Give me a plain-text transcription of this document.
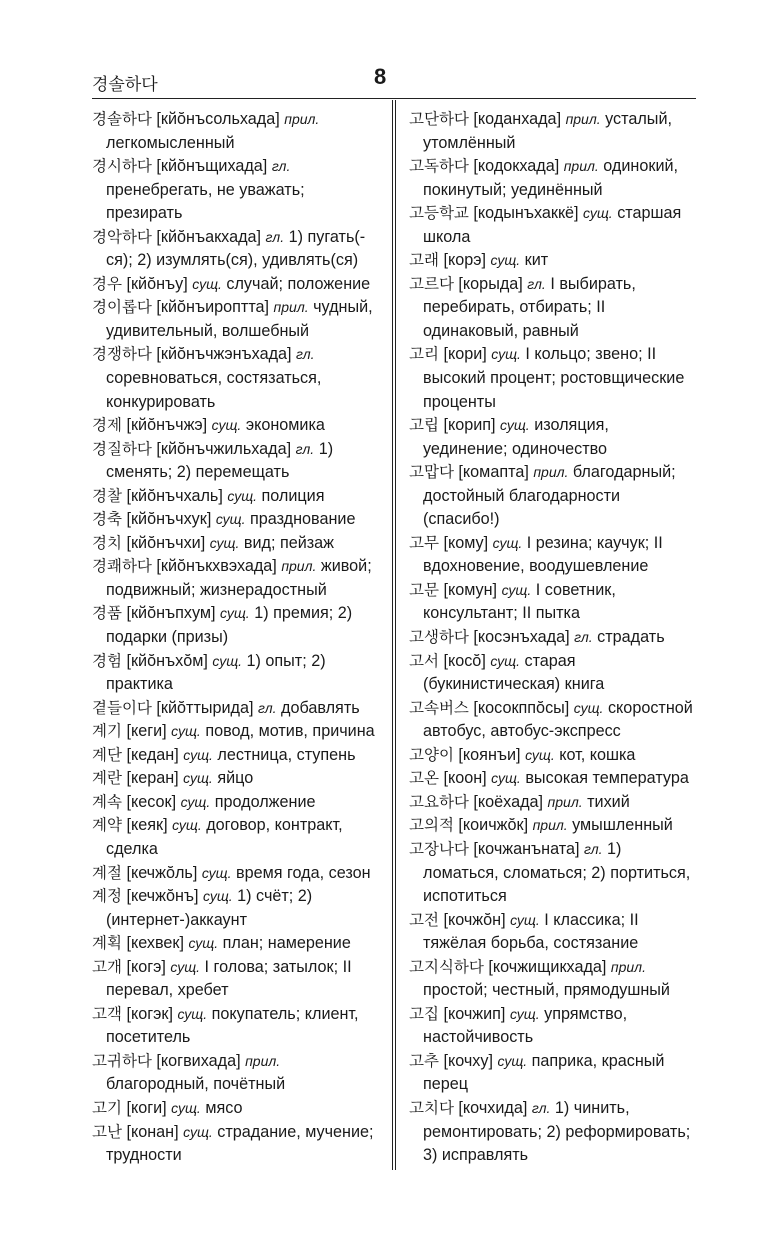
경솔하다	8

경솔하다 [кйŏнъсольхада] прил. легкомысленный

경시하다 [кйŏнъщихада] гл. пренебрегать, не уважать; презирать

경악하다 [кйŏнъакхада] гл. 1) пугать(-ся); 2) изумлять(ся), удивлять(ся)

경우 [кйŏнъу] сущ. случай; положение

경이롭다 [кйŏнъироптта] прил. чудный, удивительный, волшебный

경쟁하다 [кйŏнъчжэнъхада] гл. соревноваться, состязаться, конкурировать

경제 [кйŏнъчжэ] сущ. экономика

경질하다 [кйŏнъчжильхада] гл. 1) сменять; 2) перемещать

경찰 [кйŏнъчхаль] сущ. полиция

경축 [кйŏнъчхук] сущ. празднование

경치 [кйŏнъчхи] сущ. вид; пейзаж

경쾌하다 [кйŏнъкхвэхада] прил. живой; подвижный; жизнерадостный

경품 [кйŏнъпхум] сущ. 1) премия; 2) подарки (призы)

경험 [кйŏнъхŏм] сущ. 1) опыт; 2) практика

곁들이다 [кйŏттырида] гл. добавлять

계기 [кеги] сущ. повод, мотив, причина

계단 [кедан] сущ. лестница, ступень

계란 [керан] сущ. яйцо

계속 [кесок] сущ. продолжение

계약 [кеяк] сущ. договор, контракт, сделка

계절 [кечжŏль] сущ. время года, сезон

계정 [кечжŏнъ] сущ. 1) счёт; 2) (интернет-)аккаунт

계획 [кехвек] сущ. план; намерение

고개 [когэ] сущ. I голова; затылок; II перевал, хребет

고객 [когэк] сущ. покупатель; клиент, посетитель

고귀하다 [когвихада] прил. благородный, почётный

고기 [коги] сущ. мясо

고난 [конан] сущ. страдание, мучение; трудности

고단하다 [коданхада] прил. усталый, утомлённый

고독하다 [кодокхада] прил. одинокий, покинутый; уединённый

고등학교 [кодынъхаккё] сущ. старшая школа

고래 [корэ] сущ. кит

고르다 [корыда] гл. I выбирать, перебирать, отбирать; II одинаковый, равный

고리 [кори] сущ. I кольцо; звено; II высокий процент; ростовщические проценты

고립 [корип] сущ. изоляция, уединение; одиночество

고맙다 [комапта] прил. благодарный; достойный благодарности (спасибо!)

고무 [кому] сущ. I резина; каучук; II вдохновение, воодушевление

고문 [комун] сущ. I советник, консультант; II пытка

고생하다 [косэнъхада] гл. страдать

고서 [косŏ] сущ. старая (букинистическая) книга

고속버스 [косокппŏсы] сущ. скоростной автобус, автобус-экспресс

고양이 [коянъи] сущ. кот, кошка

고온 [коон] сущ. высокая температура

고요하다 [коёхада] прил. тихий

고의적 [коичжŏк] прил. умышленный

고장나다 [кочжанъната] гл. 1) ломаться, сломаться; 2) портиться, испотиться

고전 [кочжŏн] сущ. I классика; II тяжёлая борьба, состязание

고지식하다 [кочжищикхада] прил. простой; честный, прямодушный

고집 [кочжип] сущ. упрямство, настойчивость

고추 [кочху] сущ. паприка, красный перец

고치다 [кочхида] гл. 1) чинить, ремонтировать; 2) реформировать; 3) исправлять
